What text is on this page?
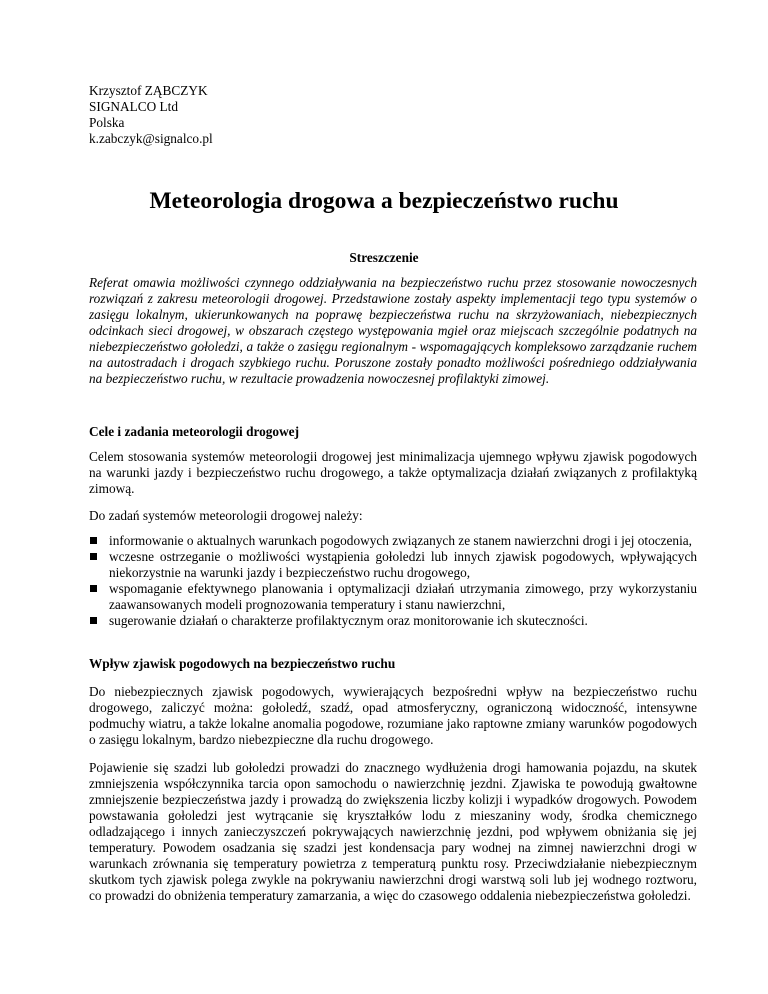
Krzysztof ZĄBCZYK
SIGNALCO Ltd
Polska
k.zabczyk@signalco.pl
Meteorologia drogowa a bezpieczeństwo ruchu
Streszczenie
Referat omawia możliwości czynnego oddziaływania na bezpieczeństwo ruchu przez stosowanie nowoczesnych rozwiązań z zakresu meteorologii drogowej. Przedstawione zostały aspekty implementacji tego typu systemów o zasięgu lokalnym, ukierunkowanych na poprawę bezpieczeństwa ruchu na skrzyżowaniach, niebezpiecznych odcinkach sieci drogowej, w obszarach częstego występowania mgieł oraz miejscach szczególnie podatnych na niebezpieczeństwo gołoledzi, a także o zasięgu regionalnym - wspomagających kompleksowo zarządzanie ruchem na autostradach i drogach szybkiego ruchu. Poruszone zostały ponadto możliwości pośredniego oddziaływania na bezpieczeństwo ruchu, w rezultacie prowadzenia nowoczesnej profilaktyki zimowej.
Cele i zadania meteorologii drogowej
Celem stosowania systemów meteorologii drogowej jest minimalizacja ujemnego wpływu zjawisk pogodowych na warunki jazdy i bezpieczeństwo ruchu drogowego, a także optymalizacja działań związanych z profilaktyką zimową.
Do zadań systemów meteorologii drogowej należy:
informowanie o aktualnych warunkach pogodowych związanych ze stanem nawierzchni drogi i jej otoczenia,
wczesne ostrzeganie o możliwości wystąpienia gołoledzi lub innych zjawisk pogodowych, wpływających niekorzystnie na warunki jazdy i bezpieczeństwo ruchu drogowego,
wspomaganie efektywnego planowania i optymalizacji działań utrzymania zimowego, przy wykorzystaniu zaawansowanych modeli prognozowania temperatury i stanu nawierzchni,
sugerowanie działań o charakterze profilaktycznym oraz monitorowanie ich skuteczności.
Wpływ zjawisk pogodowych na bezpieczeństwo ruchu
Do niebezpiecznych zjawisk pogodowych, wywierających bezpośredni wpływ na bezpieczeństwo ruchu drogowego, zaliczyć można: gołoledź, szadź, opad atmosferyczny, ograniczoną widoczność, intensywne podmuchy wiatru, a także lokalne anomalia pogodowe, rozumiane jako raptowne zmiany warunków pogodowych o zasięgu lokalnym, bardzo niebezpieczne dla ruchu drogowego.
Pojawienie się szadzi lub gołoledzi prowadzi do znacznego wydłużenia drogi hamowania pojazdu, na skutek zmniejszenia współczynnika tarcia opon samochodu o nawierzchnię jezdni. Zjawiska te powodują gwałtowne zmniejszenie bezpieczeństwa jazdy i prowadzą do zwiększenia liczby kolizji i wypadków drogowych. Powodem powstawania gołoledzi jest wytrącanie się kryształków lodu z mieszaniny wody, środka chemicznego odladzającego i innych zanieczyszczeń pokrywających nawierzchnię jezdni, pod wpływem obniżania się jej temperatury. Powodem osadzania się szadzi jest kondensacja pary wodnej na zimnej nawierzchni drogi w warunkach zrównania się temperatury powietrza z temperaturą punktu rosy. Przeciwdziałanie niebezpiecznym skutkom tych zjawisk polega zwykle na pokrywaniu nawierzchni drogi warstwą soli lub jej wodnego roztworu, co prowadzi do obniżenia temperatury zamarzania, a więc do czasowego oddalenia niebezpieczeństwa gołoledzi.
